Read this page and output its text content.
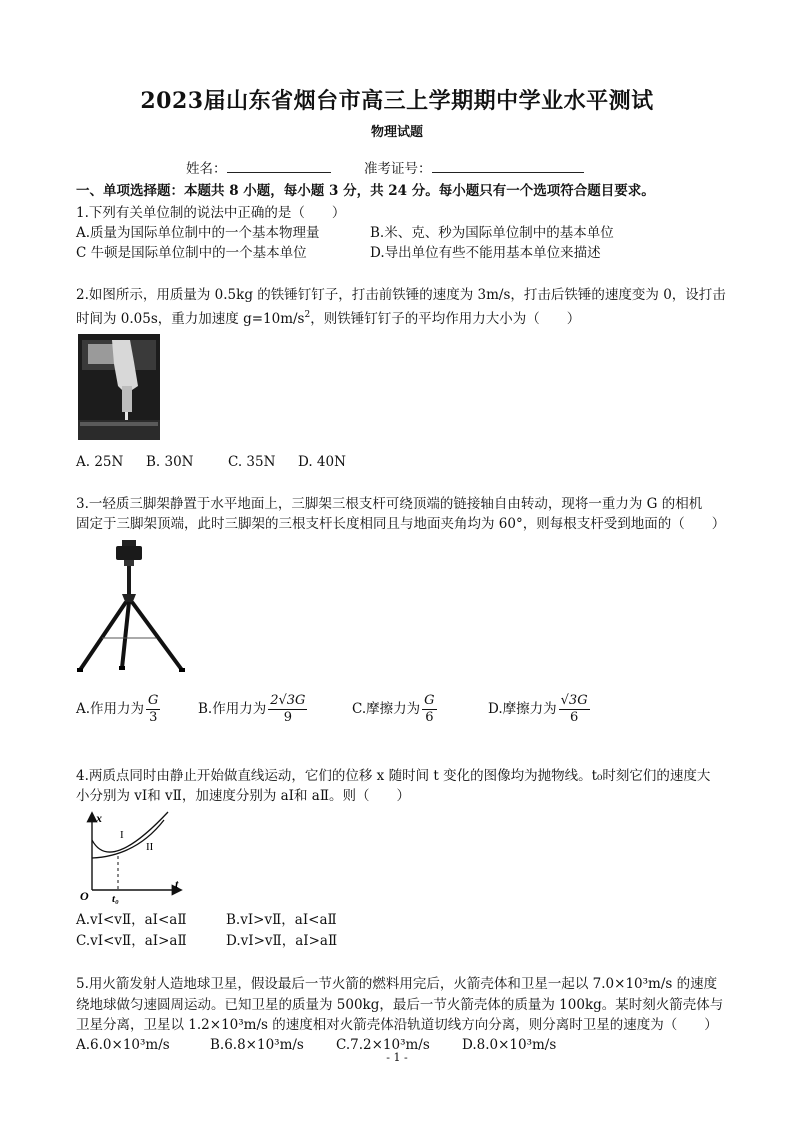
2023届山东省烟台市高三上学期期中学业水平测试
物理试题
姓名：	准考证号：
一、单项选择题：本题共 8 小题，每小题 3 分，共 24 分。每小题只有一个选项符合题目要求。
1.下列有关单位制的说法中正确的是（　　）
A.质量为国际单位制中的一个基本物理量	B.米、克、秒为国际单位制中的基本单位
C 牛顿是国际单位制中的一个基本单位	D.导出单位有些不能用基本单位来描述
2.如图所示，用质量为 0.5kg 的铁锤钉钉子，打击前铁锤的速度为 3m/s，打击后铁锤的速度变为 0，设打击
时间为 0.05s，重力加速度 $g=10m/s^2$，则铁锤钉钉子的平均作用力大小为（　　）
A. 25N B. 30N	C. 35N D. 40N
3.一轻质三脚架静置于水平地面上，三脚架三根支杆可绕顶端的链接轴自由转动，现将一重力为 G 的相机
固定于三脚架顶端，此时三脚架的三根支杆长度相同且与地面夹角均为 60°，则每根支杆受到地面的（　　）
A.作用力为 $\frac{G}{3}$	B.作用力为 $\frac{2√3G}{9}$	C.摩擦力为 $\frac{G}{6}$	D.摩擦力为 $\frac{√3G}{6}$
4.两质点同时由静止开始做直线运动，它们的位移 x 随时间 t 变化的图像均为抛物线。t₀时刻它们的速度大
小分别为 vⅠ和 vⅡ，加速度分别为 aⅠ和 aⅡ。则（　　）
x
t
O t₀
I
II
A.vⅠ<vⅡ，aⅠ<aⅡ	B.vⅠ>vⅡ，aⅠ<aⅡ
C.vⅠ<vⅡ，aⅠ>aⅡ	D.vⅠ>vⅡ，aⅠ>aⅡ
5.用火箭发射人造地球卫星，假设最后一节火箭的燃料用完后，火箭壳体和卫星一起以 7.0×10³m/s 的速度
绕地球做匀速圆周运动。已知卫星的质量为 500kg，最后一节火箭壳体的质量为 100kg。某时刻火箭壳体与
卫星分离，卫星以 1.2×10³m/s 的速度相对火箭壳体沿轨道切线方向分离，则分离时卫星的速度为（　　）
A.6.0×10³m/s	B.6.8×10³m/s C.7.2×10³m/s D.8.0×10³m/s
- 1 -
